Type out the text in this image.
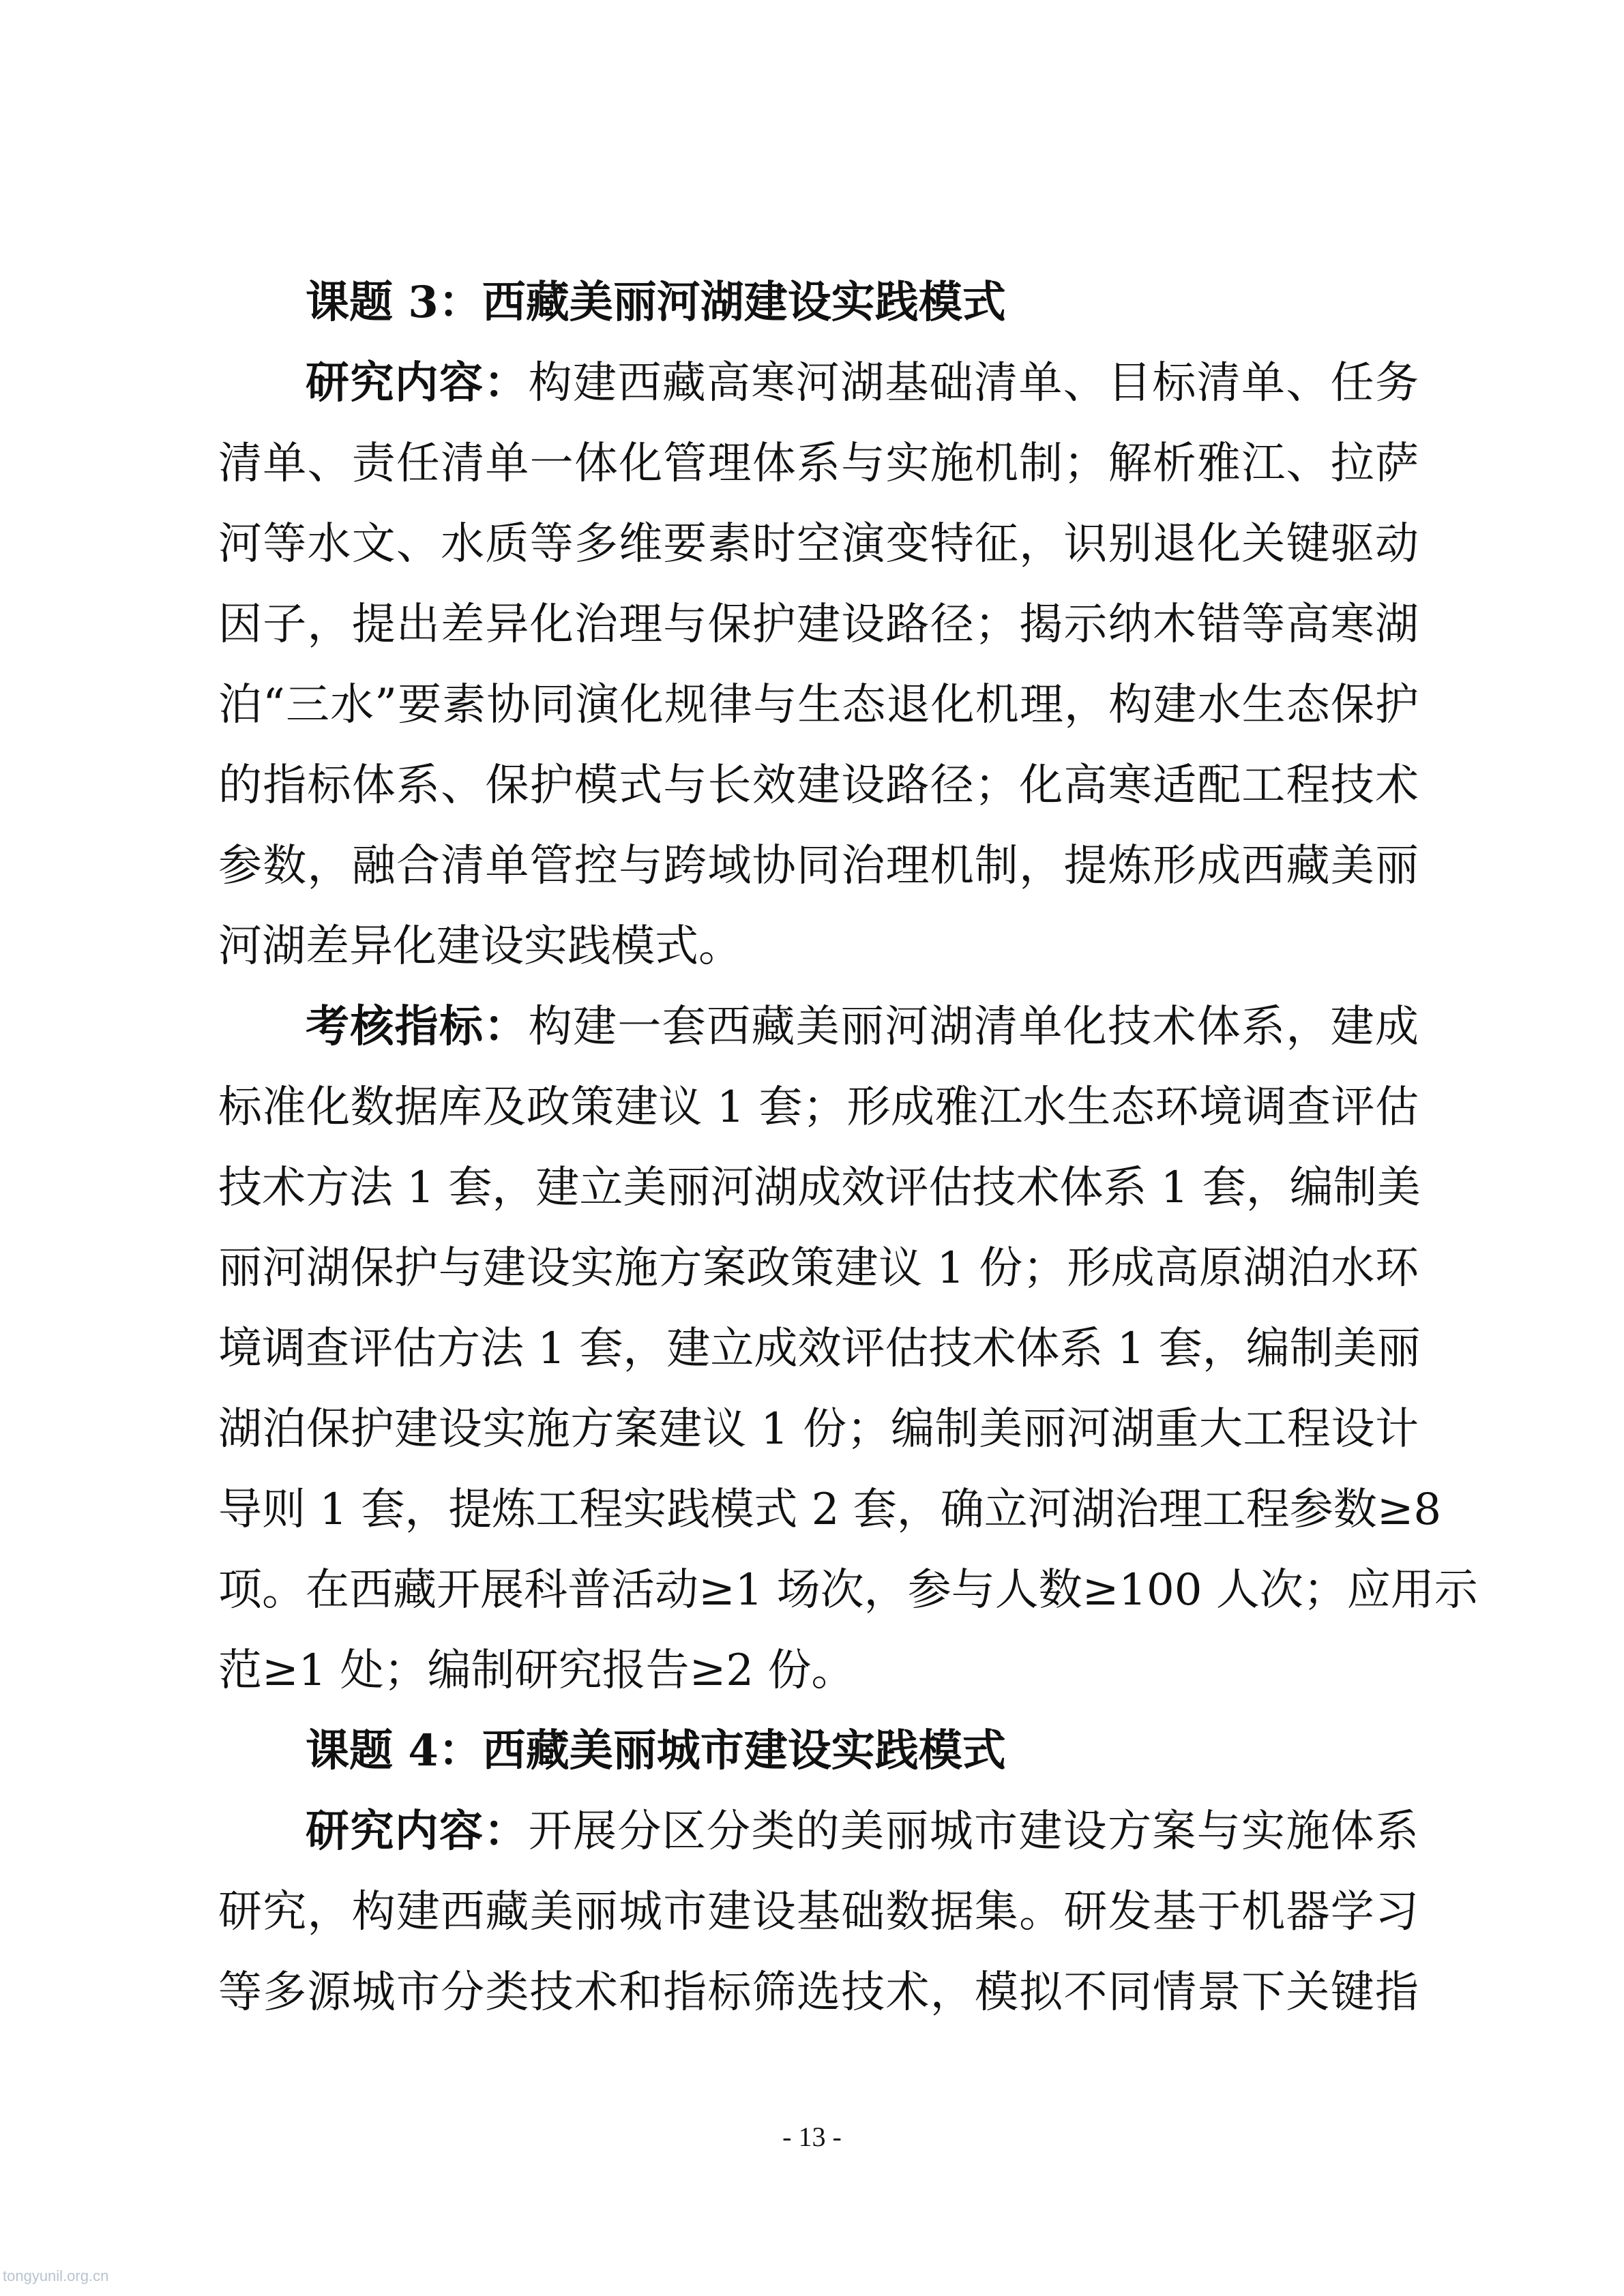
课题 3：西藏美丽河湖建设实践模式
研究内容：构建西藏高寒河湖基础清单、目标清单、任务
清单、责任清单一体化管理体系与实施机制；解析雅江、拉萨
河等水文、水质等多维要素时空演变特征，识别退化关键驱动
因子，提出差异化治理与保护建设路径；揭示纳木错等高寒湖
泊“三水”要素协同演化规律与生态退化机理，构建水生态保护
的指标体系、保护模式与长效建设路径；化高寒适配工程技术
参数，融合清单管控与跨域协同治理机制，提炼形成西藏美丽
河湖差异化建设实践模式。
考核指标：构建一套西藏美丽河湖清单化技术体系，建成
标准化数据库及政策建议 1 套；形成雅江水生态环境调查评估
技术方法 1 套，建立美丽河湖成效评估技术体系 1 套，编制美
丽河湖保护与建设实施方案政策建议 1 份；形成高原湖泊水环
境调查评估方法 1 套，建立成效评估技术体系 1 套，编制美丽
湖泊保护建设实施方案建议 1 份；编制美丽河湖重大工程设计
导则 1 套，提炼工程实践模式 2 套，确立河湖治理工程参数≥8
项。在西藏开展科普活动≥1 场次，参与人数≥100 人次；应用示
范≥1 处；编制研究报告≥2 份。
课题 4：西藏美丽城市建设实践模式
研究内容：开展分区分类的美丽城市建设方案与实施体系
研究，构建西藏美丽城市建设基础数据集。研发基于机器学习
等多源城市分类技术和指标筛选技术，模拟不同情景下关键指
- 13 -
tongyunil.org.cn
